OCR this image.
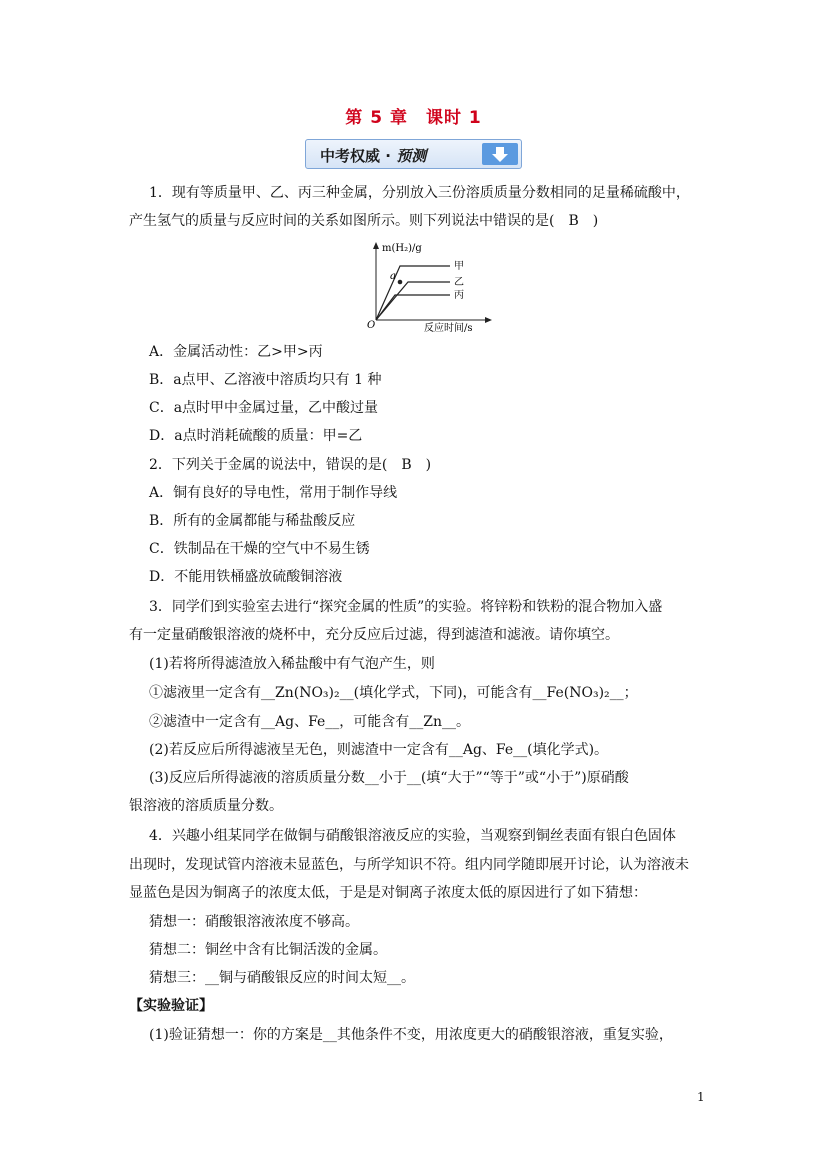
第 5 章　课时 1
中考权威 · 预测
1．现有等质量甲、乙、丙三种金属，分别放入三份溶质质量分数相同的足量稀硫酸中，
产生氢气的质量与反应时间的关系如图所示。则下列说法中错误的是(　B　)
m(H₂)/g
O
a
甲
乙
丙
反应时间/s
A．金属活动性：乙>甲>丙
B．a点甲、乙溶液中溶质均只有 1 种
C．a点时甲中金属过量，乙中酸过量
D．a点时消耗硫酸的质量：甲=乙
2．下列关于金属的说法中，错误的是(　B　)
A．铜有良好的导电性，常用于制作导线
B．所有的金属都能与稀盐酸反应
C．铁制品在干燥的空气中不易生锈
D．不能用铁桶盛放硫酸铜溶液
3．同学们到实验室去进行“探究金属的性质”的实验。将锌粉和铁粉的混合物加入盛
有一定量硝酸银溶液的烧杯中，充分反应后过滤，得到滤渣和滤液。请你填空。
(1)若将所得滤渣放入稀盐酸中有气泡产生，则
①滤液里一定含有__Zn(NO₃)₂__(填化学式，下同)，可能含有__Fe(NO₃)₂__；
②滤渣中一定含有__Ag、Fe__，可能含有__Zn__。
(2)若反应后所得滤液呈无色，则滤渣中一定含有__Ag、Fe__(填化学式)。
(3)反应后所得滤液的溶质质量分数__小于__(填“大于”“等于”或“小于”)原硝酸
银溶液的溶质质量分数。
4．兴趣小组某同学在做铜与硝酸银溶液反应的实验，当观察到铜丝表面有银白色固体
出现时，发现试管内溶液未显蓝色，与所学知识不符。组内同学随即展开讨论，认为溶液未
显蓝色是因为铜离子的浓度太低，于是是对铜离子浓度太低的原因进行了如下猜想：
猜想一：硝酸银溶液浓度不够高。
猜想二：铜丝中含有比铜活泼的金属。
猜想三：__铜与硝酸银反应的时间太短__。
【实验验证】
(1)验证猜想一：你的方案是__其他条件不变，用浓度更大的硝酸银溶液，重复实验，
1
